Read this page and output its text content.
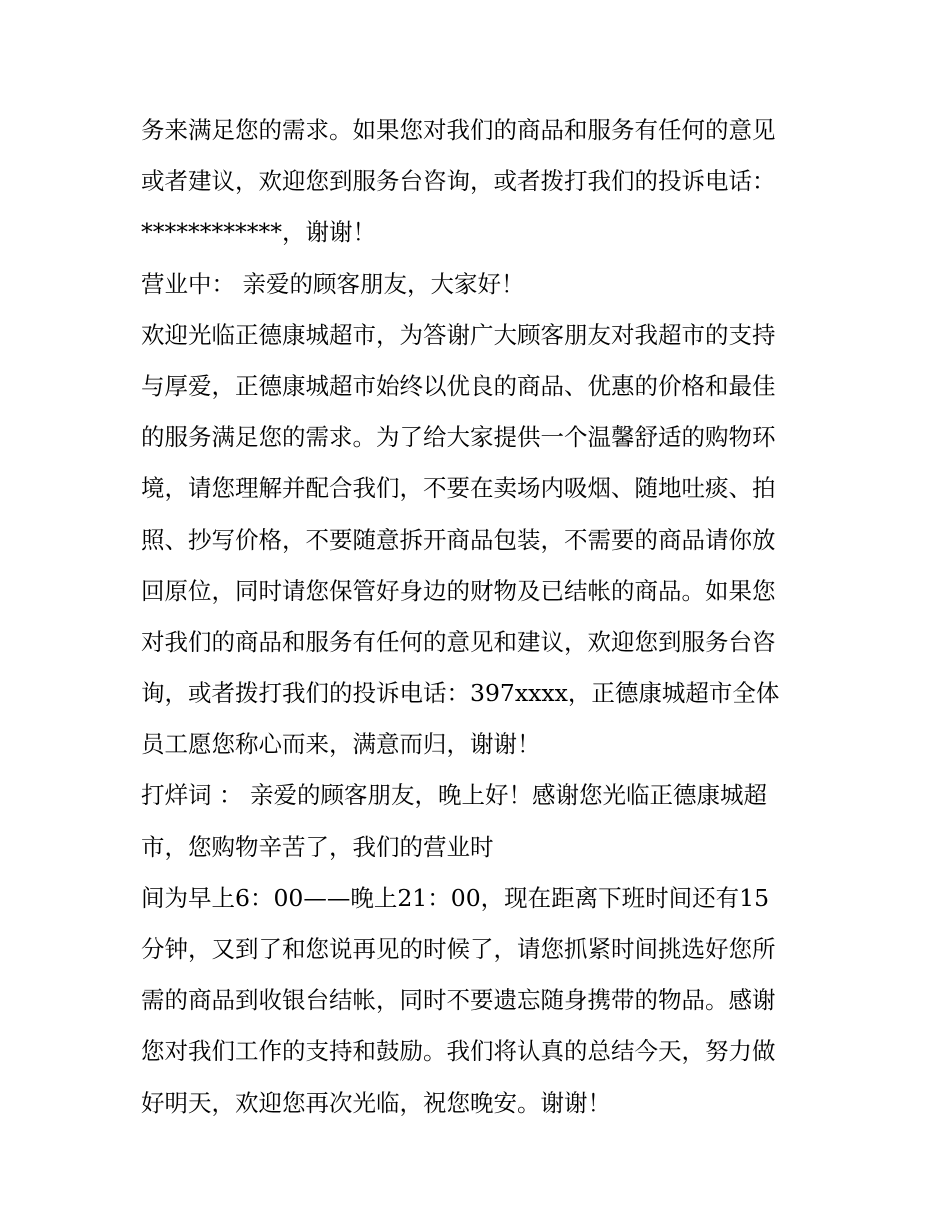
务来满足您的需求。如果您对我们的商品和服务有任何的意见
或者建议，欢迎您到服务台咨询，或者拨打我们的投诉电话：
************，谢谢！
营业中： 亲爱的顾客朋友，大家好！
欢迎光临正德康城超市，为答谢广大顾客朋友对我超市的支持
与厚爱，正德康城超市始终以优良的商品、优惠的价格和最佳
的服务满足您的需求。为了给大家提供一个温馨舒适的购物环
境，请您理解并配合我们，不要在卖场内吸烟、随地吐痰、拍
照、抄写价格，不要随意拆开商品包装，不需要的商品请你放
回原位，同时请您保管好身边的财物及已结帐的商品。如果您
对我们的商品和服务有任何的意见和建议，欢迎您到服务台咨
询，或者拨打我们的投诉电话：397xxxx，正德康城超市全体
员工愿您称心而来，满意而归，谢谢！
打烊词 ： 亲爱的顾客朋友，晚上好！感谢您光临正德康城超
市，您购物辛苦了，我们的营业时
间为早上6：00——晚上21：00，现在距离下班时间还有15
分钟，又到了和您说再见的时候了，请您抓紧时间挑选好您所
需的商品到收银台结帐，同时不要遗忘随身携带的物品。感谢
您对我们工作的支持和鼓励。我们将认真的总结今天，努力做
好明天，欢迎您再次光临，祝您晚安。谢谢！
